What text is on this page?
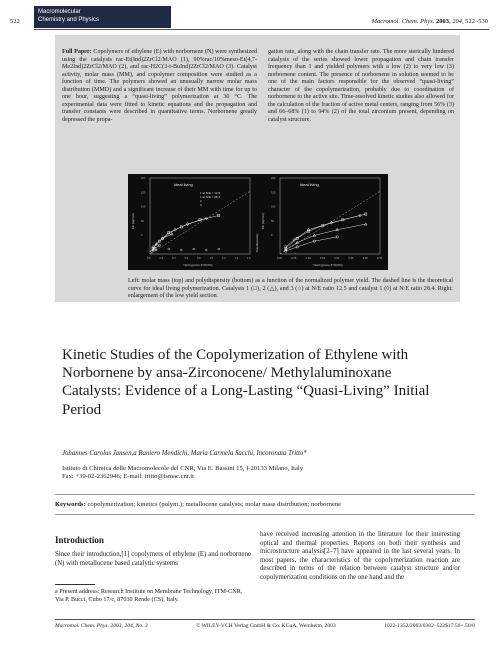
522
Macromolecular
Chemistry and Physics	Macromol. Chem. Phys. 2003, 204, 522–530
Full Paper: Copolymers of ethylene (E) with norbornene (N) were synthesized using the catalysts rac-Et(Ind)2ZrCl2/MAO (1), 90%rac/10%meso-Et(4,7-Me2Ind)2ZrCl2/MAO (2), and rac-H2C(3-t-BuInd)2ZrCl2/MAO (3). Catalyst activity, molar mass (MM), and copolymer composition were studied as a function of time. The polymers showed an unusually narrow molar mass distribution (MMD) and a significant increase of their MM with time for up to one hour, suggesting a “quasi-living” polymerization at 30 °C. The experimental data were fitted to kinetic equations and the propagation and transfer constants were described in quantitative terms. Norbornene greatly depressed the propa-
gation rate, along with the chain transfer rate. The more sterically hindered catalysts of the series showed lower propagation and chain transfer frequency than 1 and yielded polymers with a low (2) to very low (3) norbornene content. The presence of norbornene in solution seemed to be one of the main factors responsible for the observed “quasi-living” character of the copolymerization, probably due to coordination of norbornene to the active site. Time-resolved kinetic studies also allowed for the calculation of the fraction of active metal centers, ranging from 56% (3) and 66–68% (1) to 94% (2) of the total zirconium present, depending on catalyst structure.
ideal living	ideal living
1 at N/E = 12.5
1 at N/E = 28.4
2
3
Yield (grams Z=Nr0%)	Yield (grams Z=Nr0%)
Mn (kg/mol)	Mn (kg/mol)
Polydispersity
0.0	0.2	0.4	0.6	0.8	1.0	1.2	1.4	1.6
0
50
100
150
200
0.00	0.05	0.10	0.15	0.20	0.25	0.30	0.35
0
50
100
150
200
Left: molar mass (top) and polydispersity (bottom) as a function of the normalized polymer yield. The dashed line is the theoretical curve for ideal living polymerization. Catalysts 1 (□), 2 (△), and 3 (○) at N/E ratio 12.5 and catalyst 1 (◊) at N/E ratio 28.4. Right: enlargement of the low yield section.
Kinetic Studies of the Copolymerization of Ethylene with Norbornene by ansa-Zirconocene/ Methylaluminoxane Catalysts: Evidence of a Long-Lasting “Quasi-Living” Initial Period
Johannes Carolus Jansen,a Raniero Mendichi, Maria Carmela Sacchi, Incoronata Tritto*
Istituto di Chimica delle Macromolecole del CNR, Via E. Bassini 15, I-20133 Milano, Italy
Fax: +39-02-2362946; E-mail: tritto@ismac.cnr.it
Keywords: copolymerization; kinetics (polym.); metallocene catalysts; molar mass distribution; norbornene
Introduction
Since their introduction,[1] copolymers of ethylene (E) and norbornene (N) with metallocene based catalytic systems
have received increasing attention in the literature for their interesting optical and thermal properties. Reports on both their synthesis and microstructure analysis[2–7] have appeared in the last several years. In most papers, the characteristics of the copolymerization reaction are described in terms of the relation between catalyst structure and/or copolymerization conditions on the one hand and the
a Present address: Research Institute on Membrane Technology, ITM-CNR, Via P. Bucci, Cubo 17/c, 87030 Rende (CS), Italy.
Macromol. Chem. Phys. 2003, 204, No. 3	© WILEY-VCH Verlag GmbH & Co. KGaA, Weinheim, 2003	1022-1352/2003/0302–522$17.50+.50/0
